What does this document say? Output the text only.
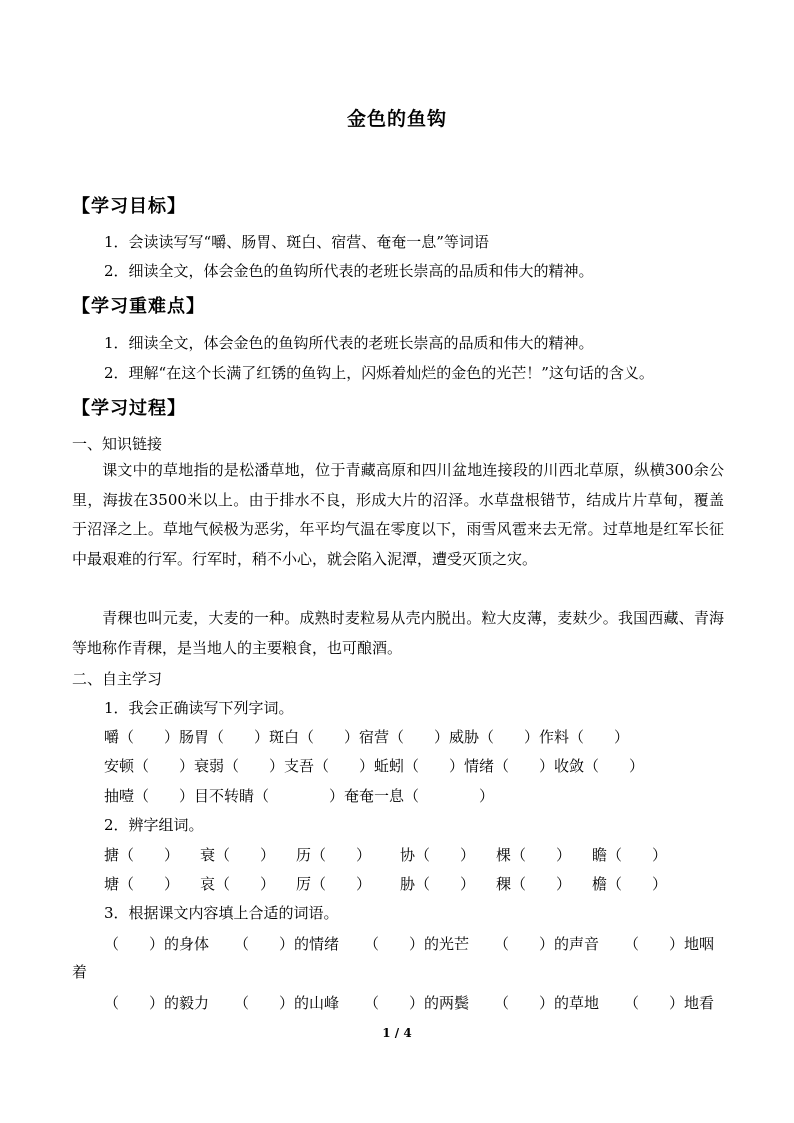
金色的鱼钩
【学习目标】
1．会读读写写“嚼、肠胃、斑白、宿营、奄奄一息”等词语
2．细读全文，体会金色的鱼钩所代表的老班长崇高的品质和伟大的精神。
【学习重难点】
1．细读全文，体会金色的鱼钩所代表的老班长崇高的品质和伟大的精神。
2．理解“在这个长满了红锈的鱼钩上，闪烁着灿烂的金色的光芒！”这句话的含义。
【学习过程】
一、知识链接
课文中的草地指的是松潘草地，位于青藏高原和四川盆地连接段的川西北草原，纵横300余公里，海拔在3500米以上。由于排水不良，形成大片的沼泽。水草盘根错节，结成片片草甸，覆盖于沼泽之上。草地气候极为恶劣，年平均气温在零度以下，雨雪风雹来去无常。过草地是红军长征中最艰难的行军。行军时，稍不小心，就会陷入泥潭，遭受灭顶之灾。
青稞也叫元麦，大麦的一种。成熟时麦粒易从壳内脱出。粒大皮薄，麦麸少。我国西藏、青海等地称作青稞，是当地人的主要粮食，也可酿酒。
二、自主学习
1．我会正确读写下列字词。
嚼（　　）肠胃（　　）斑白（　　）宿营（　　）威胁（　　）作料（　　）
安顿（　　）衰弱（　　）支吾（　　）蚯蚓（　　）情绪（　　）收敛（　　）
抽噎（　　）目不转睛（　　　　）奄奄一息（　　　　）
2．辨字组词。
搪（　　） 衰（　　） 历（　　） 协（　　） 棵（　　） 瞻（　　）
塘（　　） 哀（　　） 厉（　　） 胁（　　） 稞（　　） 檐（　　）
3．根据课文内容填上合适的词语。
（　　）的身体 （　　）的情绪 （　　）的光芒 （　　）的声音 （　　）地咽
着
（　　）的毅力 （　　）的山峰 （　　）的两鬓 （　　）的草地 （　　）地看
1 / 4
